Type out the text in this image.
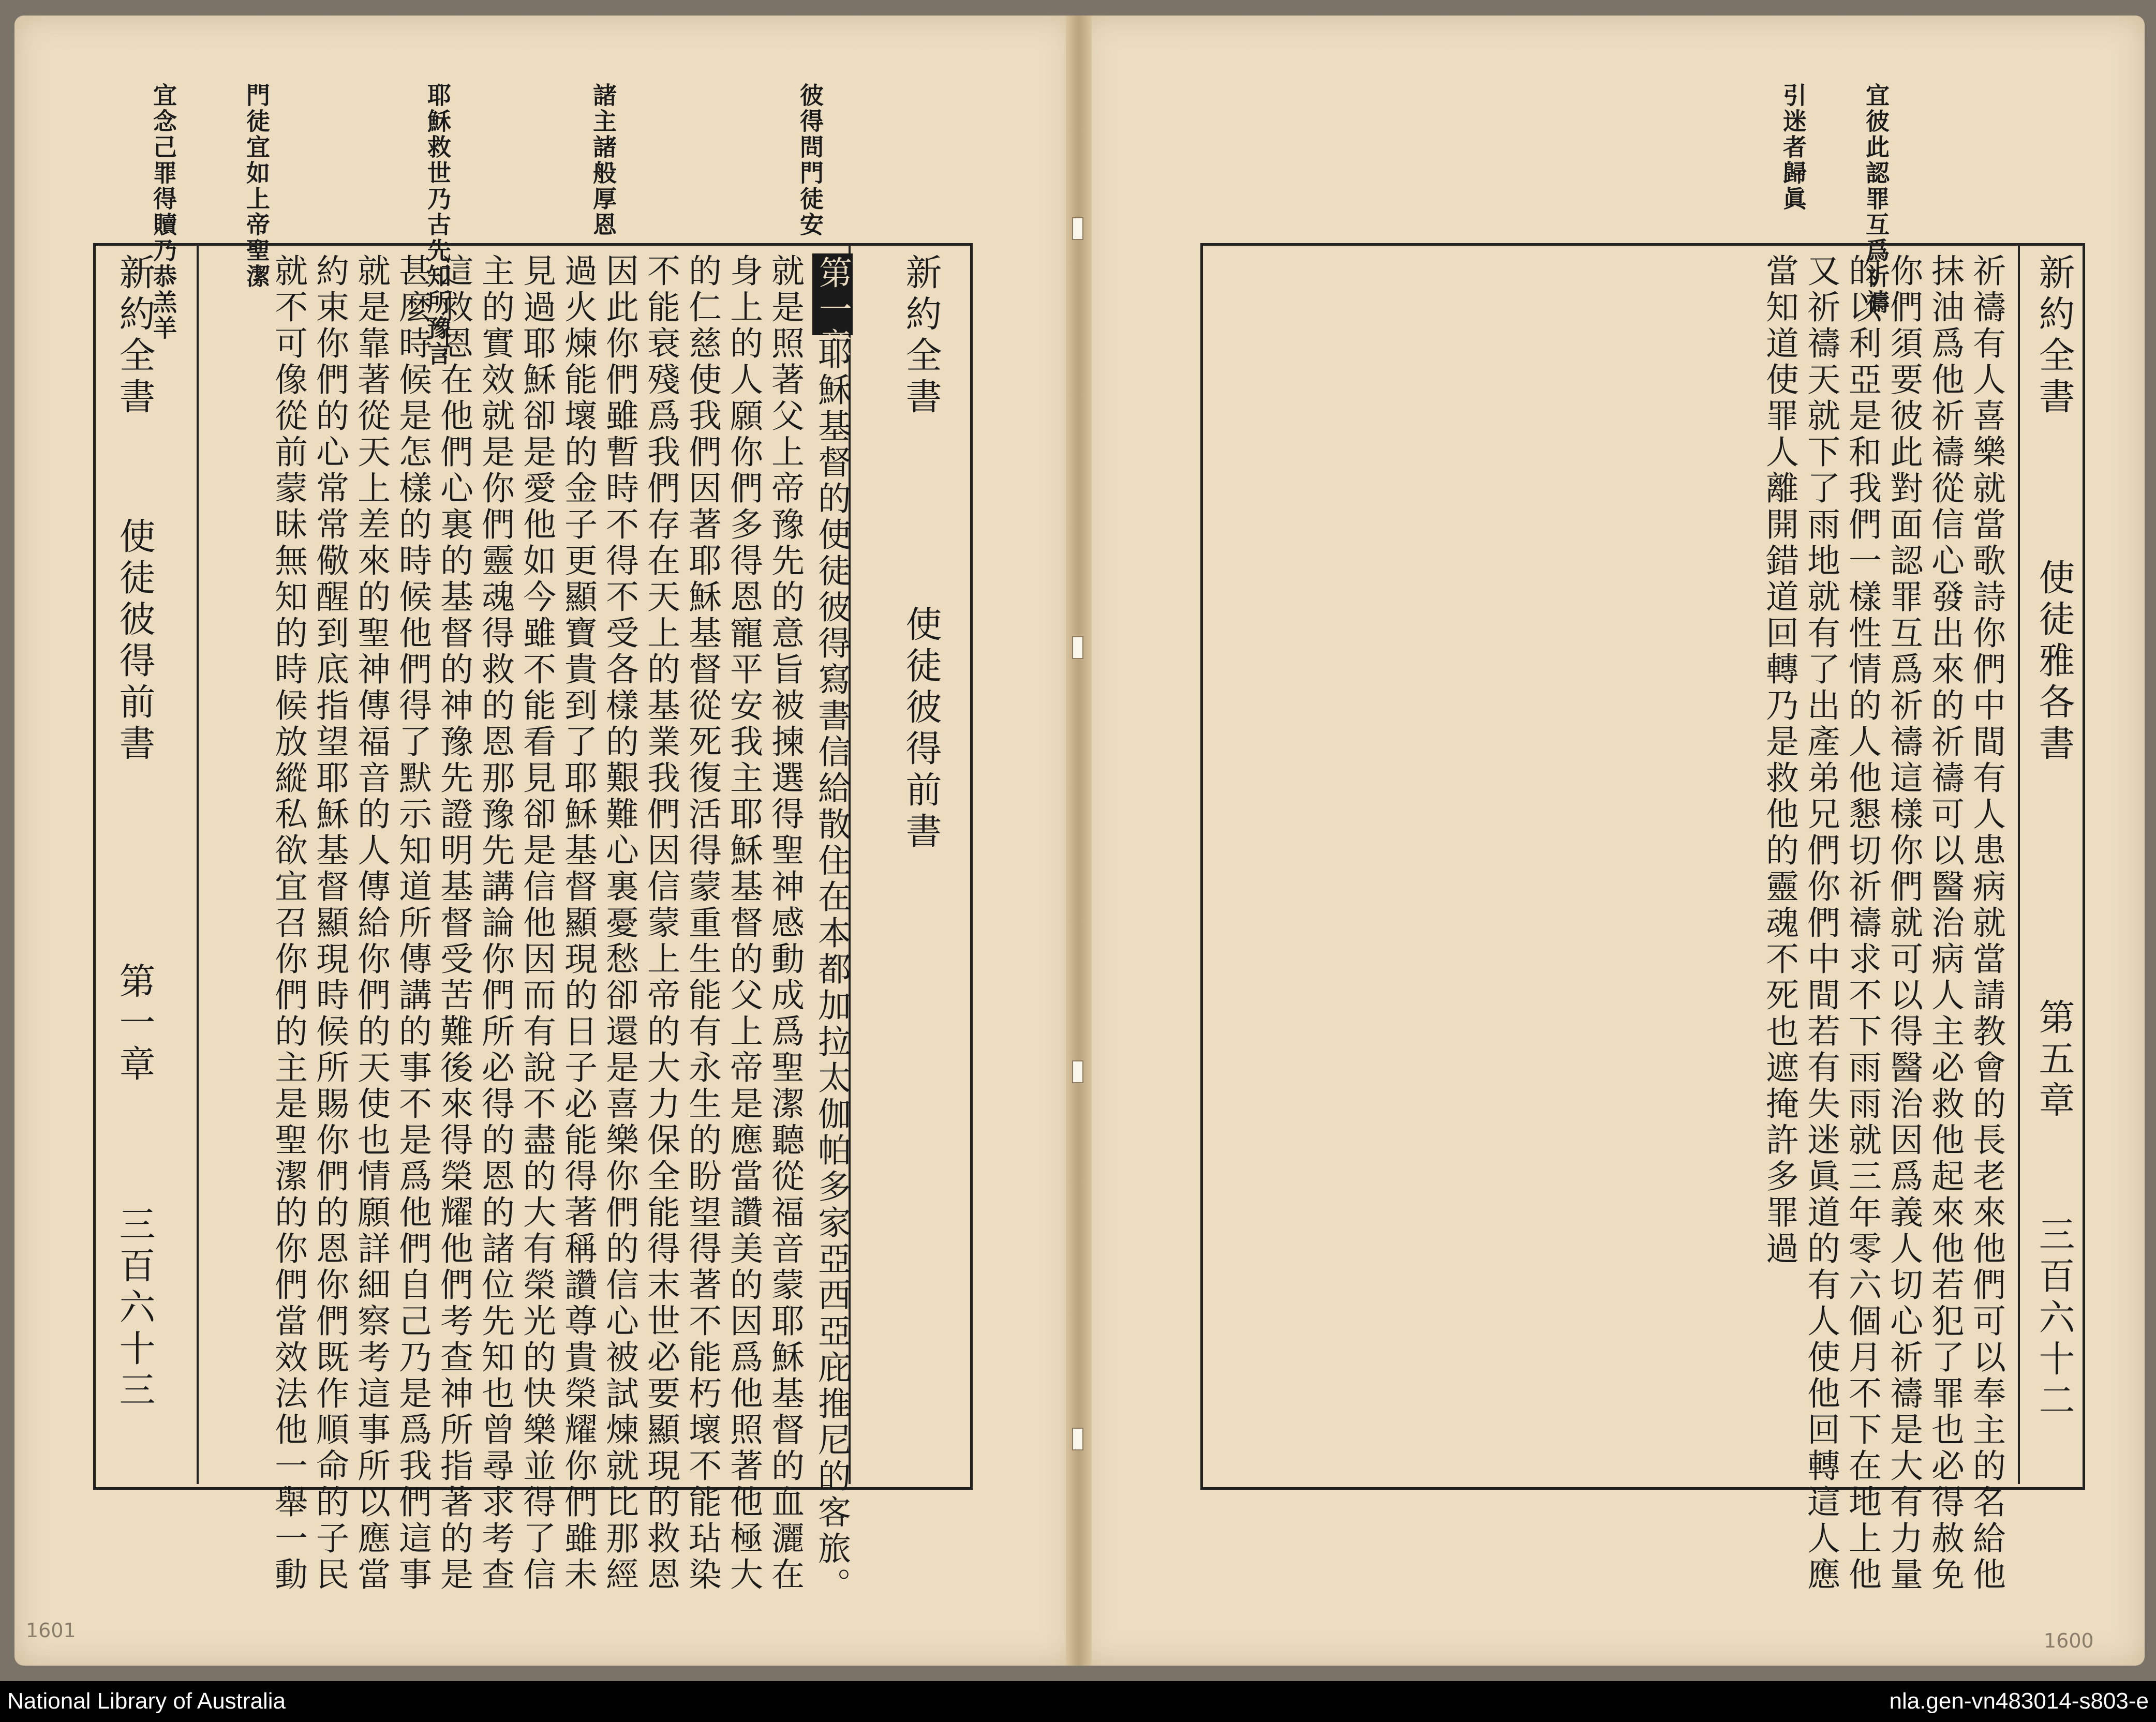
彼得問門徒安
諸主諸般厚恩
耶穌救世乃古先知所豫言
門徒宜如上帝聖潔
宜念己罪得贖乃恭羔羊	新約全書
使徒彼得前書
新約全書
使徒彼得前書
第一章
三百六十三
第一章
耶穌基督的使徒彼得寫書信給散住在本都加拉太伽帕多家亞西亞庇推尼的客旅。
就是照著父上帝豫先的意旨被揀選得聖神感動成爲聖潔聽從福音蒙耶穌基督的血灑在
身上的人願你們多得恩寵平安我主耶穌基督的父上帝是應當讚美的因爲他照著他極大
的仁慈使我們因著耶穌基督從死復活得蒙重生能有永生的盼望得著不能朽壞不能玷染
不能衰殘爲我們存在天上的基業我們因信蒙上帝的大力保全能得末世必要顯現的救恩
因此你們雖暫時不得不受各樣的艱難心裏憂愁卻還是喜樂你們的信心被試煉就比那經
過火煉能壞的金子更顯寶貴到了耶穌基督顯現的日子必能得著稱讚尊貴榮耀你們雖未
見過耶穌卻是愛他如今雖不能看見卻是信他因而有說不盡的大有榮光的快樂並得了信
主的實效就是你們靈魂得救的恩那豫先講論你們所必得的恩的諸位先知也曾尋求考查
這救恩在他們心裏的基督的神豫先證明基督受苦難後來得榮耀他們考查神所指著的是
甚麼時候是怎樣的時候他們得了默示知道所傳講的事不是爲他們自己乃是爲我們這事
就是靠著從天上差來的聖神傳福音的人傳給你們的天使也情願詳細察考這事所以應當
約束你們的心常常儆醒到底指望耶穌基督顯現時候所賜你們的恩你們既作順命的子民
就不可像從前蒙昧無知的時候放縱私欲宜召你們的主是聖潔的你們當效法他一舉一動
1601
宜彼此認罪互爲祈禱
引迷者歸眞
新約全書
使徒雅各書
第五章
三百六十二
祈禱有人喜樂就當歌詩你們中間有人患病就當請教會的長老來他們可以奉主的名給他
抹油爲他祈禱從信心發出來的祈禱可以醫治病人主必救他起來他若犯了罪也必得赦免
你們須要彼此對面認罪互爲祈禱這樣你們就可以得醫治因爲義人切心祈禱是大有力量
的以利亞是和我們一樣性情的人他懇切祈禱求不下雨雨就三年零六個月不下在地上他
又祈禱天就下了雨地就有了出產弟兄們你們中間若有失迷眞道的有人使他回轉這人應
當知道使罪人離開錯道回轉乃是救他的靈魂不死也遮掩許多罪過
1600
National Library of Australia	nla.gen-vn483014-s803-e
